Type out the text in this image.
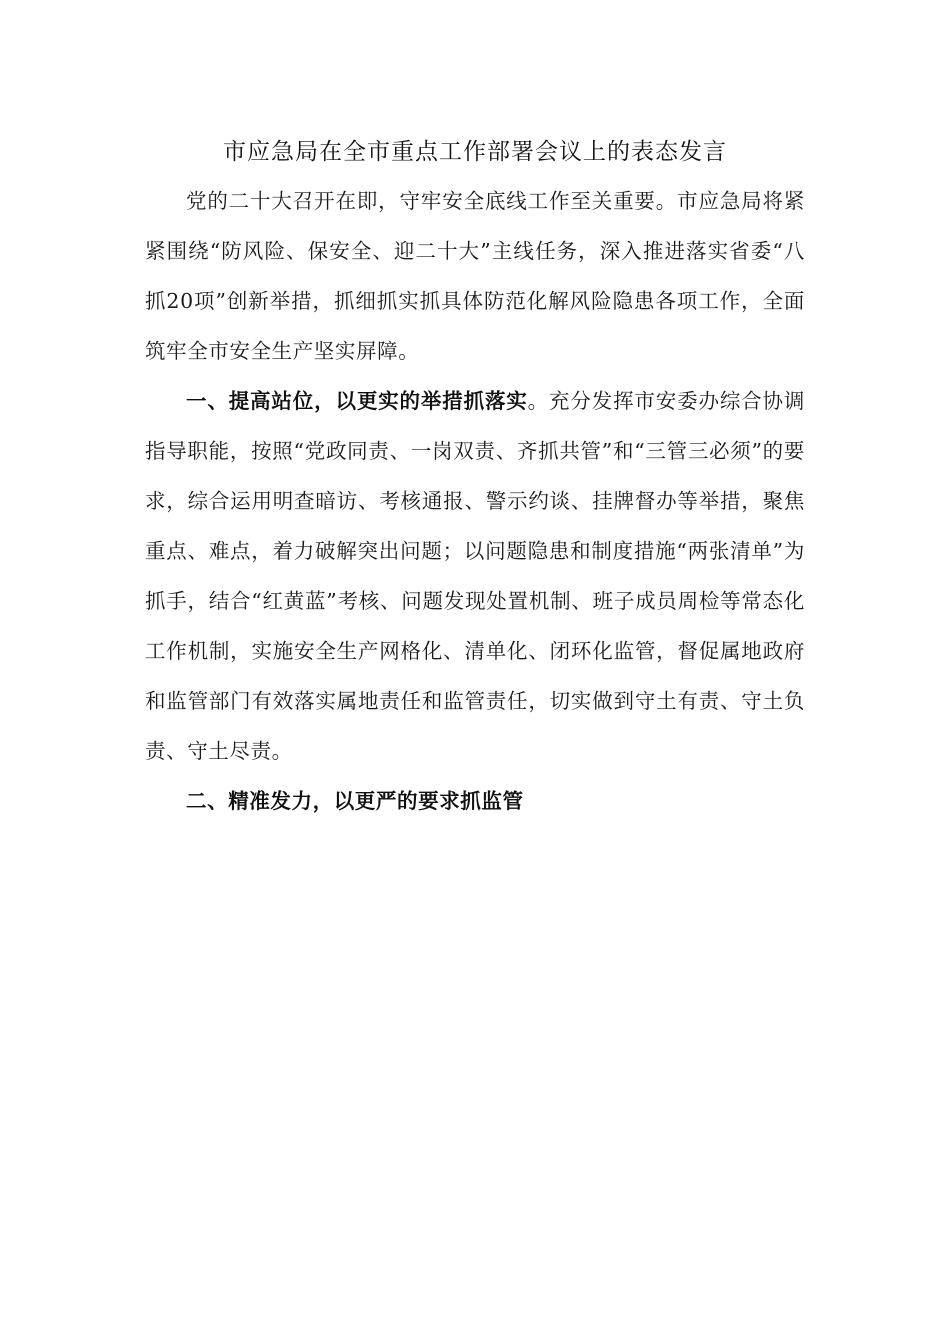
市应急局在全市重点工作部署会议上的表态发言

党的二十大召开在即，守牢安全底线工作至关重要。市应急局将紧紧围绕“防风险、保安全、迎二十大”主线任务，深入推进落实省委“八抓20项”创新举措，抓细抓实抓具体防范化解风险隐患各项工作，全面筑牢全市安全生产坚实屏障。

一、提高站位，以更实的举措抓落实。充分发挥市安委办综合协调指导职能，按照“党政同责、一岗双责、齐抓共管”和“三管三必须”的要求，综合运用明查暗访、考核通报、警示约谈、挂牌督办等举措，聚焦重点、难点，着力破解突出问题；以问题隐患和制度措施“两张清单”为抓手，结合“红黄蓝”考核、问题发现处置机制、班子成员周检等常态化工作机制，实施安全生产网格化、清单化、闭环化监管，督促属地政府和监管部门有效落实属地责任和监管责任，切实做到守土有责、守土负责、守土尽责。

二、精准发力，以更严的要求抓监管
